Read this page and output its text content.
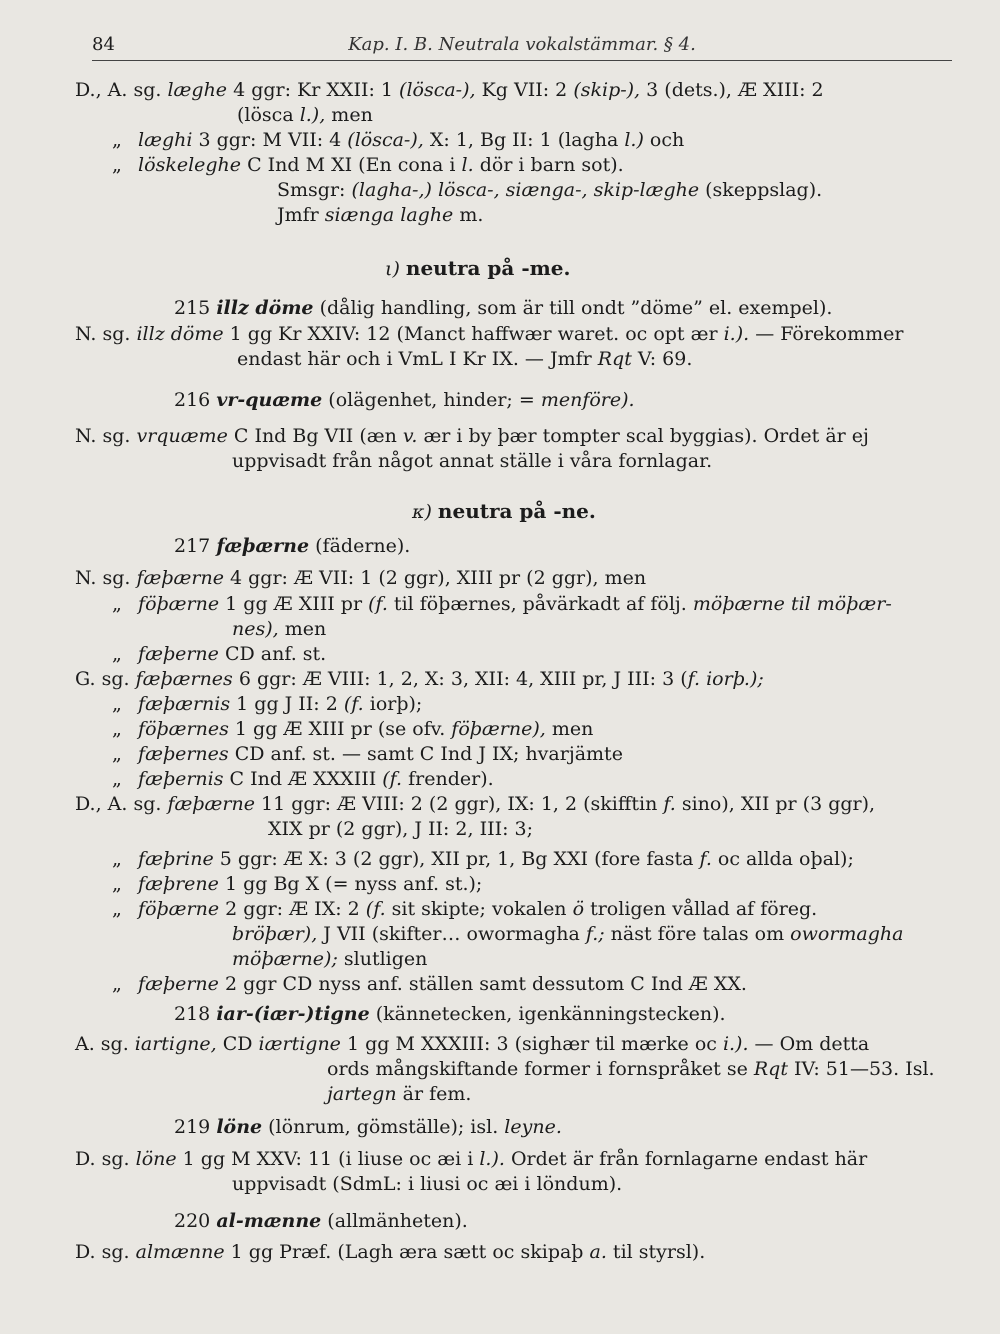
84	Kap. I. B. Neutrala vokalstämmar. § 4.
D., A. sg. læghe 4 ggr: Kr XXII: 1 (lösca-), Kg VII: 2 (skip-), 3 (dets.), Æ XIII: 2
(lösca l.), men
„ læghi 3 ggr: M VII: 4 (lösca-), X: 1, Bg II: 1 (lagha l.) och
„ löskeleghe C Ind M XI (En cona i l. dör i barn sot).
Smsgr: (lagha-,) lösca-, siænga-, skip-læghe (skeppslag).
Jmfr siænga laghe m.
ι) neutra på -me.
215 illz döme (dålig handling, som är till ondt ”döme” el. exempel).
N. sg. illz döme 1 gg Kr XXIV: 12 (Manct haffwær waret. oc opt ær i.). — Förekommer
endast här och i VmL I Kr IX. — Jmfr Rqt V: 69.
216 vr-quæme (olägenhet, hinder; = menföre).
N. sg. vrquæme C Ind Bg VII (æn v. ær i by þær tompter scal byggias). Ordet är ej
uppvisadt från något annat ställe i våra fornlagar.
κ) neutra på -ne.
217 fæþærne (fäderne).
N. sg. fæþærne 4 ggr: Æ VII: 1 (2 ggr), XIII pr (2 ggr), men
„ föþærne 1 gg Æ XIII pr (f. til föþærnes, påvärkadt af följ. möþærne til möþær-
nes), men
„ fæþerne CD anf. st.
G. sg. fæþærnes 6 ggr: Æ VIII: 1, 2, X: 3, XII: 4, XIII pr, J III: 3 (f. iorþ.);
„ fæþærnis 1 gg J II: 2 (f. iorþ);
„ föþærnes 1 gg Æ XIII pr (se ofv. föþærne), men
„ fæþernes CD anf. st. — samt C Ind J IX; hvarjämte
„ fæþernis C Ind Æ XXXIII (f. frender).
D., A. sg. fæþærne 11 ggr: Æ VIII: 2 (2 ggr), IX: 1, 2 (skifftin f. sino), XII pr (3 ggr),
XIX pr (2 ggr), J II: 2, III: 3;
„ fæþrine 5 ggr: Æ X: 3 (2 ggr), XII pr, 1, Bg XXI (fore fasta f. oc allda oþal);
„ fæþrene 1 gg Bg X (= nyss anf. st.);
„ föþærne 2 ggr: Æ IX: 2 (f. sit skipte; vokalen ö troligen vållad af föreg.
bröþær), J VII (skifter… owormagha f.; näst före talas om owormagha
möþærne); slutligen
„ fæþerne 2 ggr CD nyss anf. ställen samt dessutom C Ind Æ XX.
218 iar-(iær-)tigne (kännetecken, igenkänningstecken).
A. sg. iartigne, CD iærtigne 1 gg M XXXIII: 3 (sighær til mærke oc i.). — Om detta
ords mångskiftande former i fornspråket se Rqt IV: 51—53. Isl.
jartegn är fem.
219 löne (lönrum, gömställe); isl. leyne.
D. sg. löne 1 gg M XXV: 11 (i liuse oc æi i l.). Ordet är från fornlagarne endast här
uppvisadt (SdmL: i liusi oc æi i löndum).
220 al-mænne (allmänheten).
D. sg. almænne 1 gg Præf. (Lagh æra sætt oc skipaþ a. til styrsl).
